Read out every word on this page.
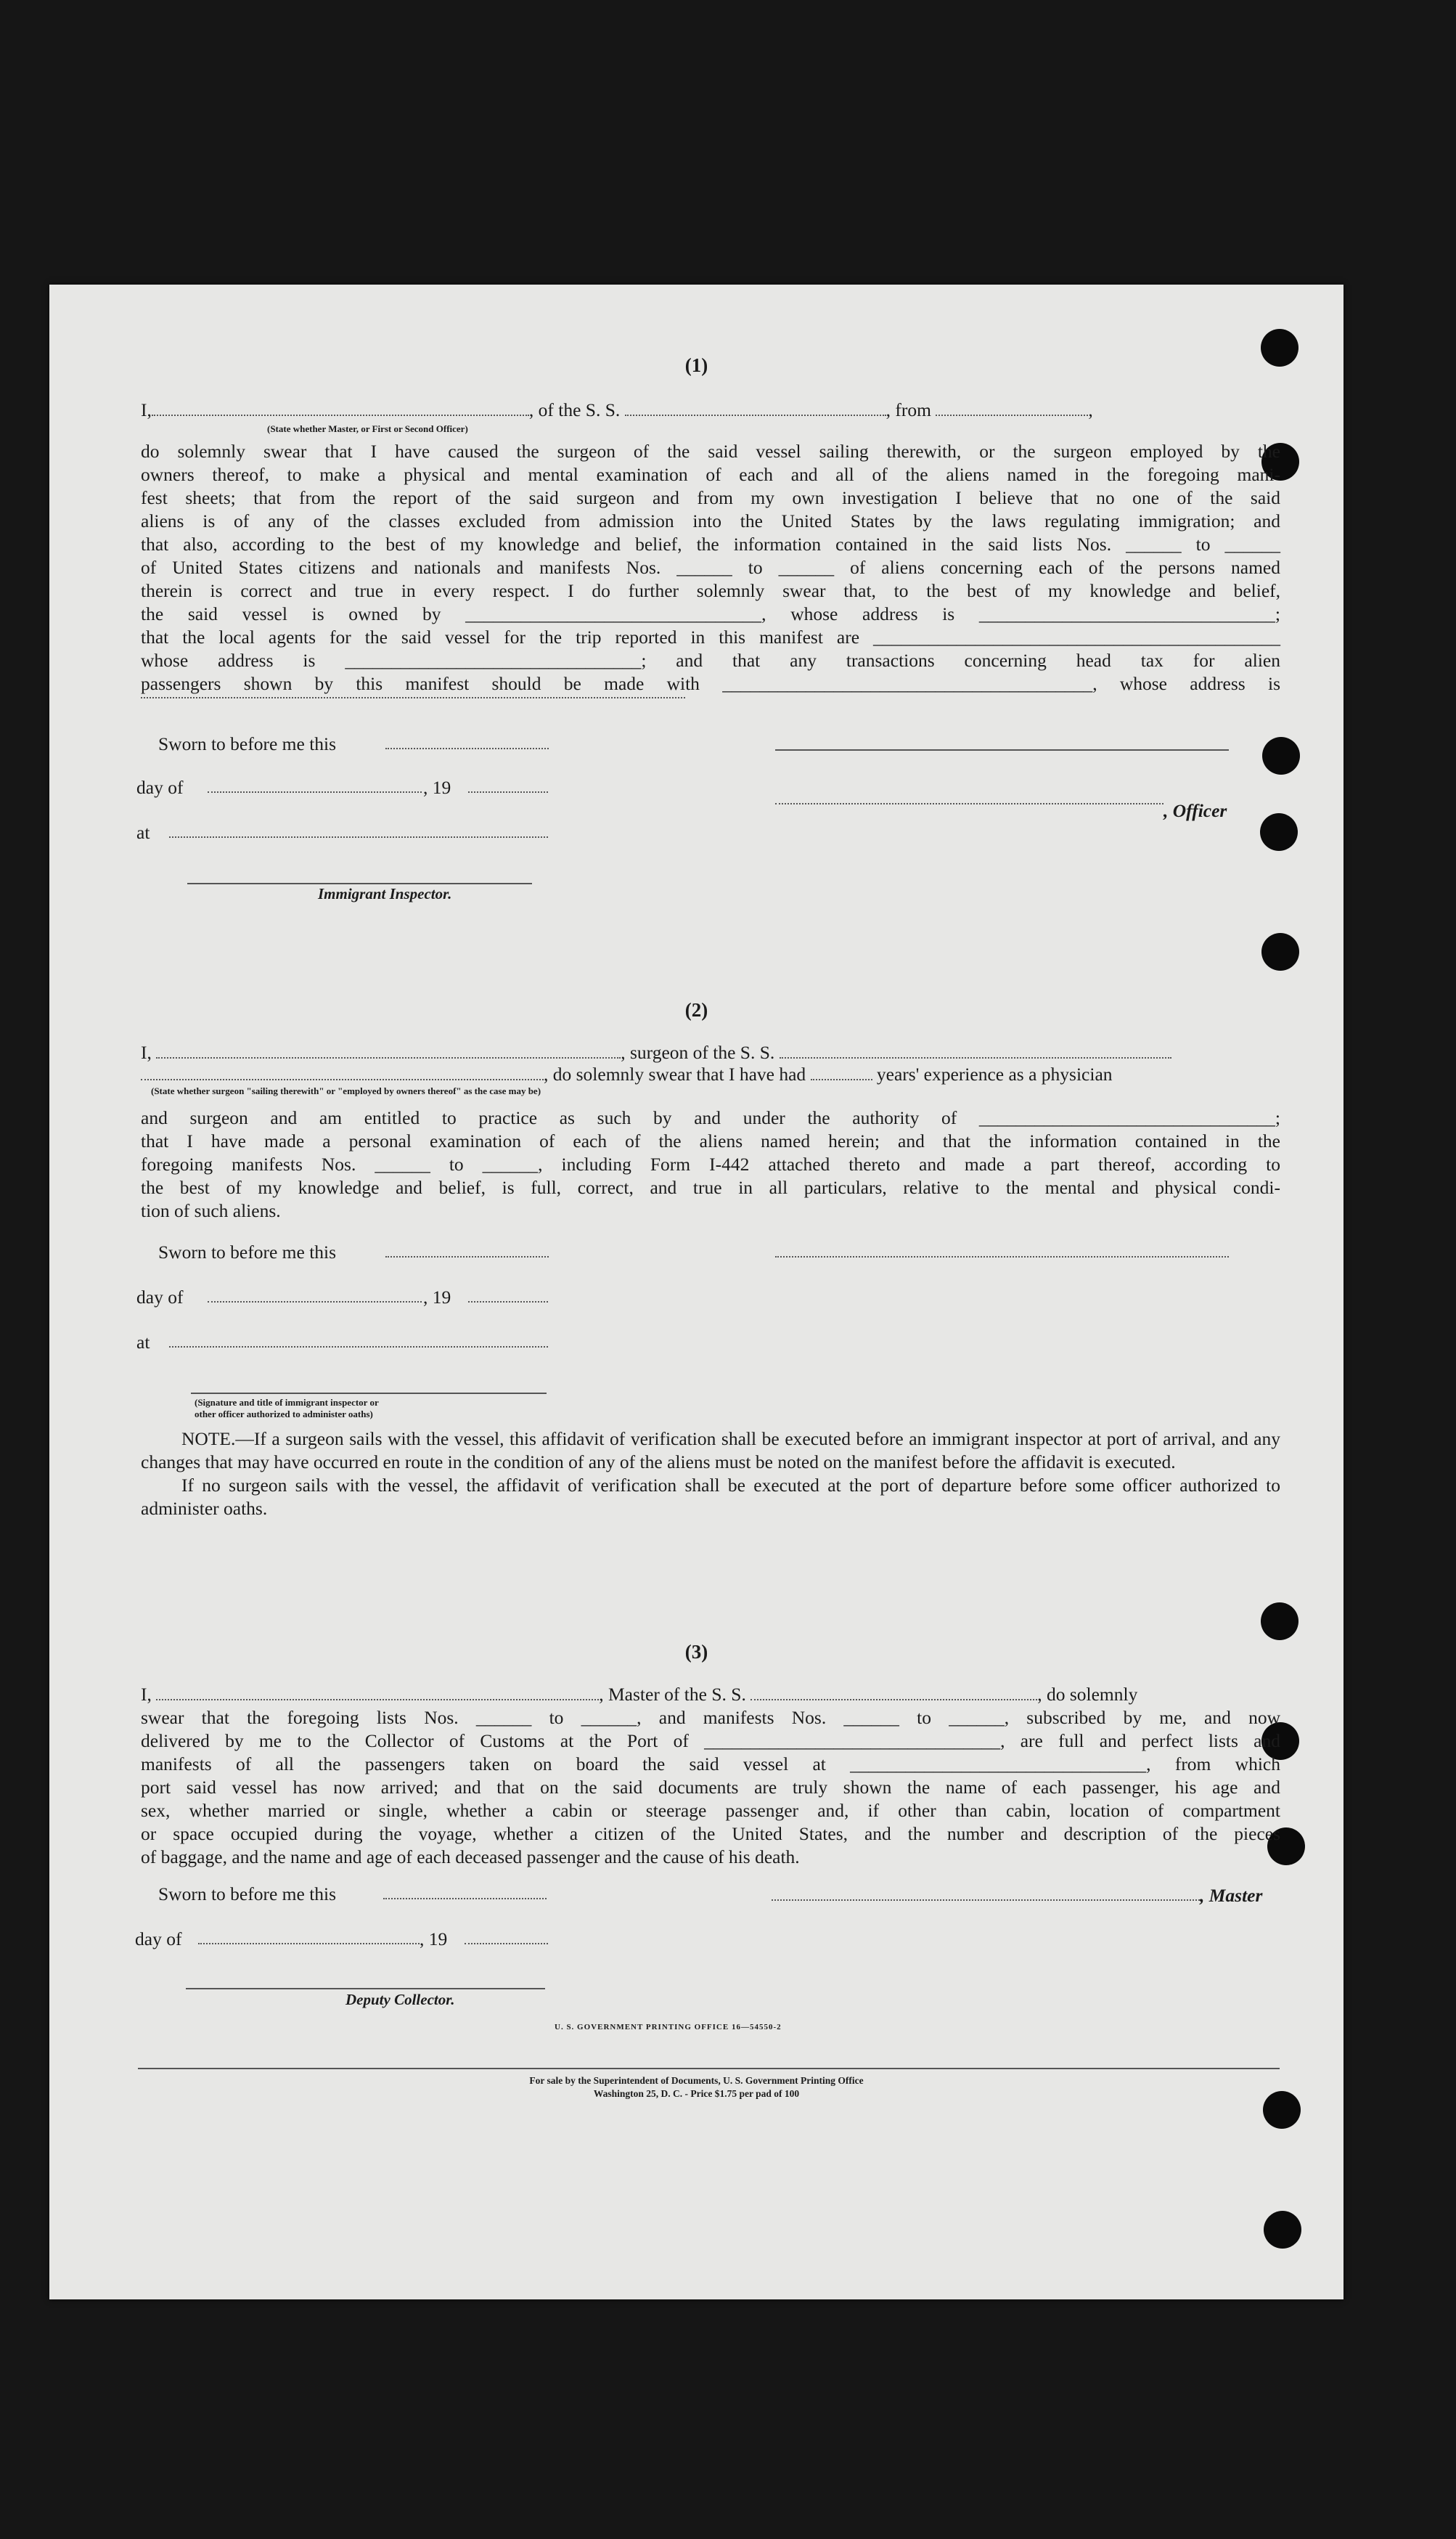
(1)
I,	, of the S. S.	, from	,
(State whether Master, or First or Second Officer)
do solemnly swear that I have caused the surgeon of the said vessel sailing therewith, or the surgeon employed by the
owners thereof, to make a physical and mental examination of each and all of the aliens named in the foregoing mani-
fest sheets; that from the report of the said surgeon and from my own investigation I believe that no one of the said
aliens is of any of the classes excluded from admission into the United States by the laws regulating immigration; and
that also, according to the best of my knowledge and belief, the information contained in the said lists Nos. ______ to ______
of United States citizens and nationals and manifests Nos. ______ to ______ of aliens concerning each of the persons named
therein is correct and true in every respect. I do further solemnly swear that, to the best of my knowledge and belief,
the said vessel is owned by ________________________________, whose address is ________________________________;
that the local agents for the said vessel for the trip reported in this manifest are ____________________________________________
whose address is ________________________________; and that any transactions concerning head tax for alien
passengers shown by this manifest should be made with ________________________________________, whose address is
Sworn to before me this
day of	, 19
, Officer
at
Immigrant Inspector.
(2)
I,	, surgeon of the S. S.
, do solemnly swear that I have had	years' experience as a physician
(State whether surgeon "sailing therewith" or "employed by owners thereof" as the case may be)
and surgeon and am entitled to practice as such by and under the authority of ________________________________;
that I have made a personal examination of each of the aliens named herein; and that the information contained in the
foregoing manifests Nos. ______ to ______, including Form I-442 attached thereto and made a part thereof, according to
the best of my knowledge and belief, is full, correct, and true in all particulars, relative to the mental and physical condi-
tion of such aliens.
Sworn to before me this
day of	, 19
at
(Signature and title of immigrant inspector or
other officer authorized to administer oaths)

NOTE.—If a surgeon sails with the vessel, this affidavit of verification shall be executed before an immigrant inspector at port of arrival, and any changes that may have occurred en route in the condition of any of the aliens must be noted on the manifest before the affidavit is executed.

If no surgeon sails with the vessel, the affidavit of verification shall be executed at the port of departure before some officer authorized to administer oaths.

(3)
I,	, Master of the S. S.	, do solemnly
swear that the foregoing lists Nos. ______ to ______, and manifests Nos. ______ to ______, subscribed by me, and now
delivered by me to the Collector of Customs at the Port of ________________________________, are full and perfect lists and
manifests of all the passengers taken on board the said vessel at ________________________________, from which
port said vessel has now arrived; and that on the said documents are truly shown the name of each passenger, his age and
sex, whether married or single, whether a cabin or steerage passenger and, if other than cabin, location of compartment
or space occupied during the voyage, whether a citizen of the United States, and the number and description of the pieces
of baggage, and the name and age of each deceased passenger and the cause of his death.
Sworn to before me this	, Master
day of	, 19
Deputy Collector.
U. S. GOVERNMENT PRINTING OFFICE 16—54550-2
For sale by the Superintendent of Documents, U. S. Government Printing Office
Washington 25, D. C. - Price $1.75 per pad of 100
